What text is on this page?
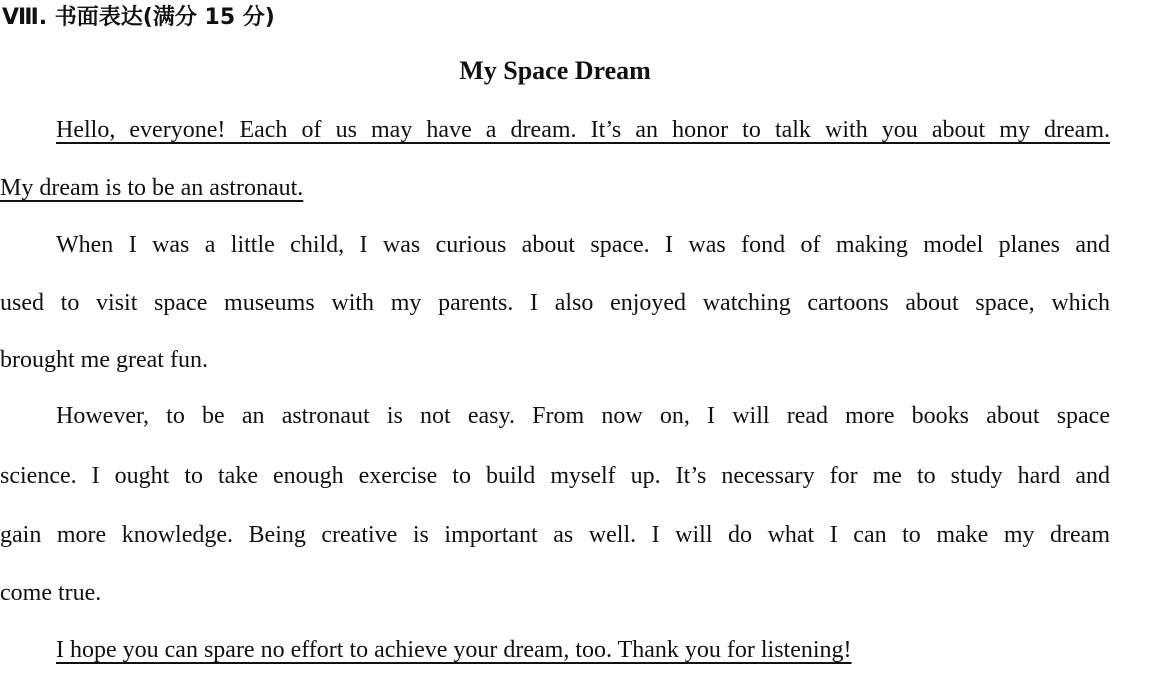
Ⅷ. 书面表达(满分 15 分)
My Space Dream
Hello, everyone! Each of us may have a dream. It’s an honor to talk with you about my dream.
My dream is to be an astronaut.
When I was a little child, I was curious about space. I was fond of making model planes and
used to visit space museums with my parents. I also enjoyed watching cartoons about space, which
brought me great fun.
However, to be an astronaut is not easy. From now on, I will read more books about space
science. I ought to take enough exercise to build myself up. It’s necessary for me to study hard and
gain more knowledge. Being creative is important as well. I will do what I can to make my dream
come true.
I hope you can spare no effort to achieve your dream, too. Thank you for listening!
